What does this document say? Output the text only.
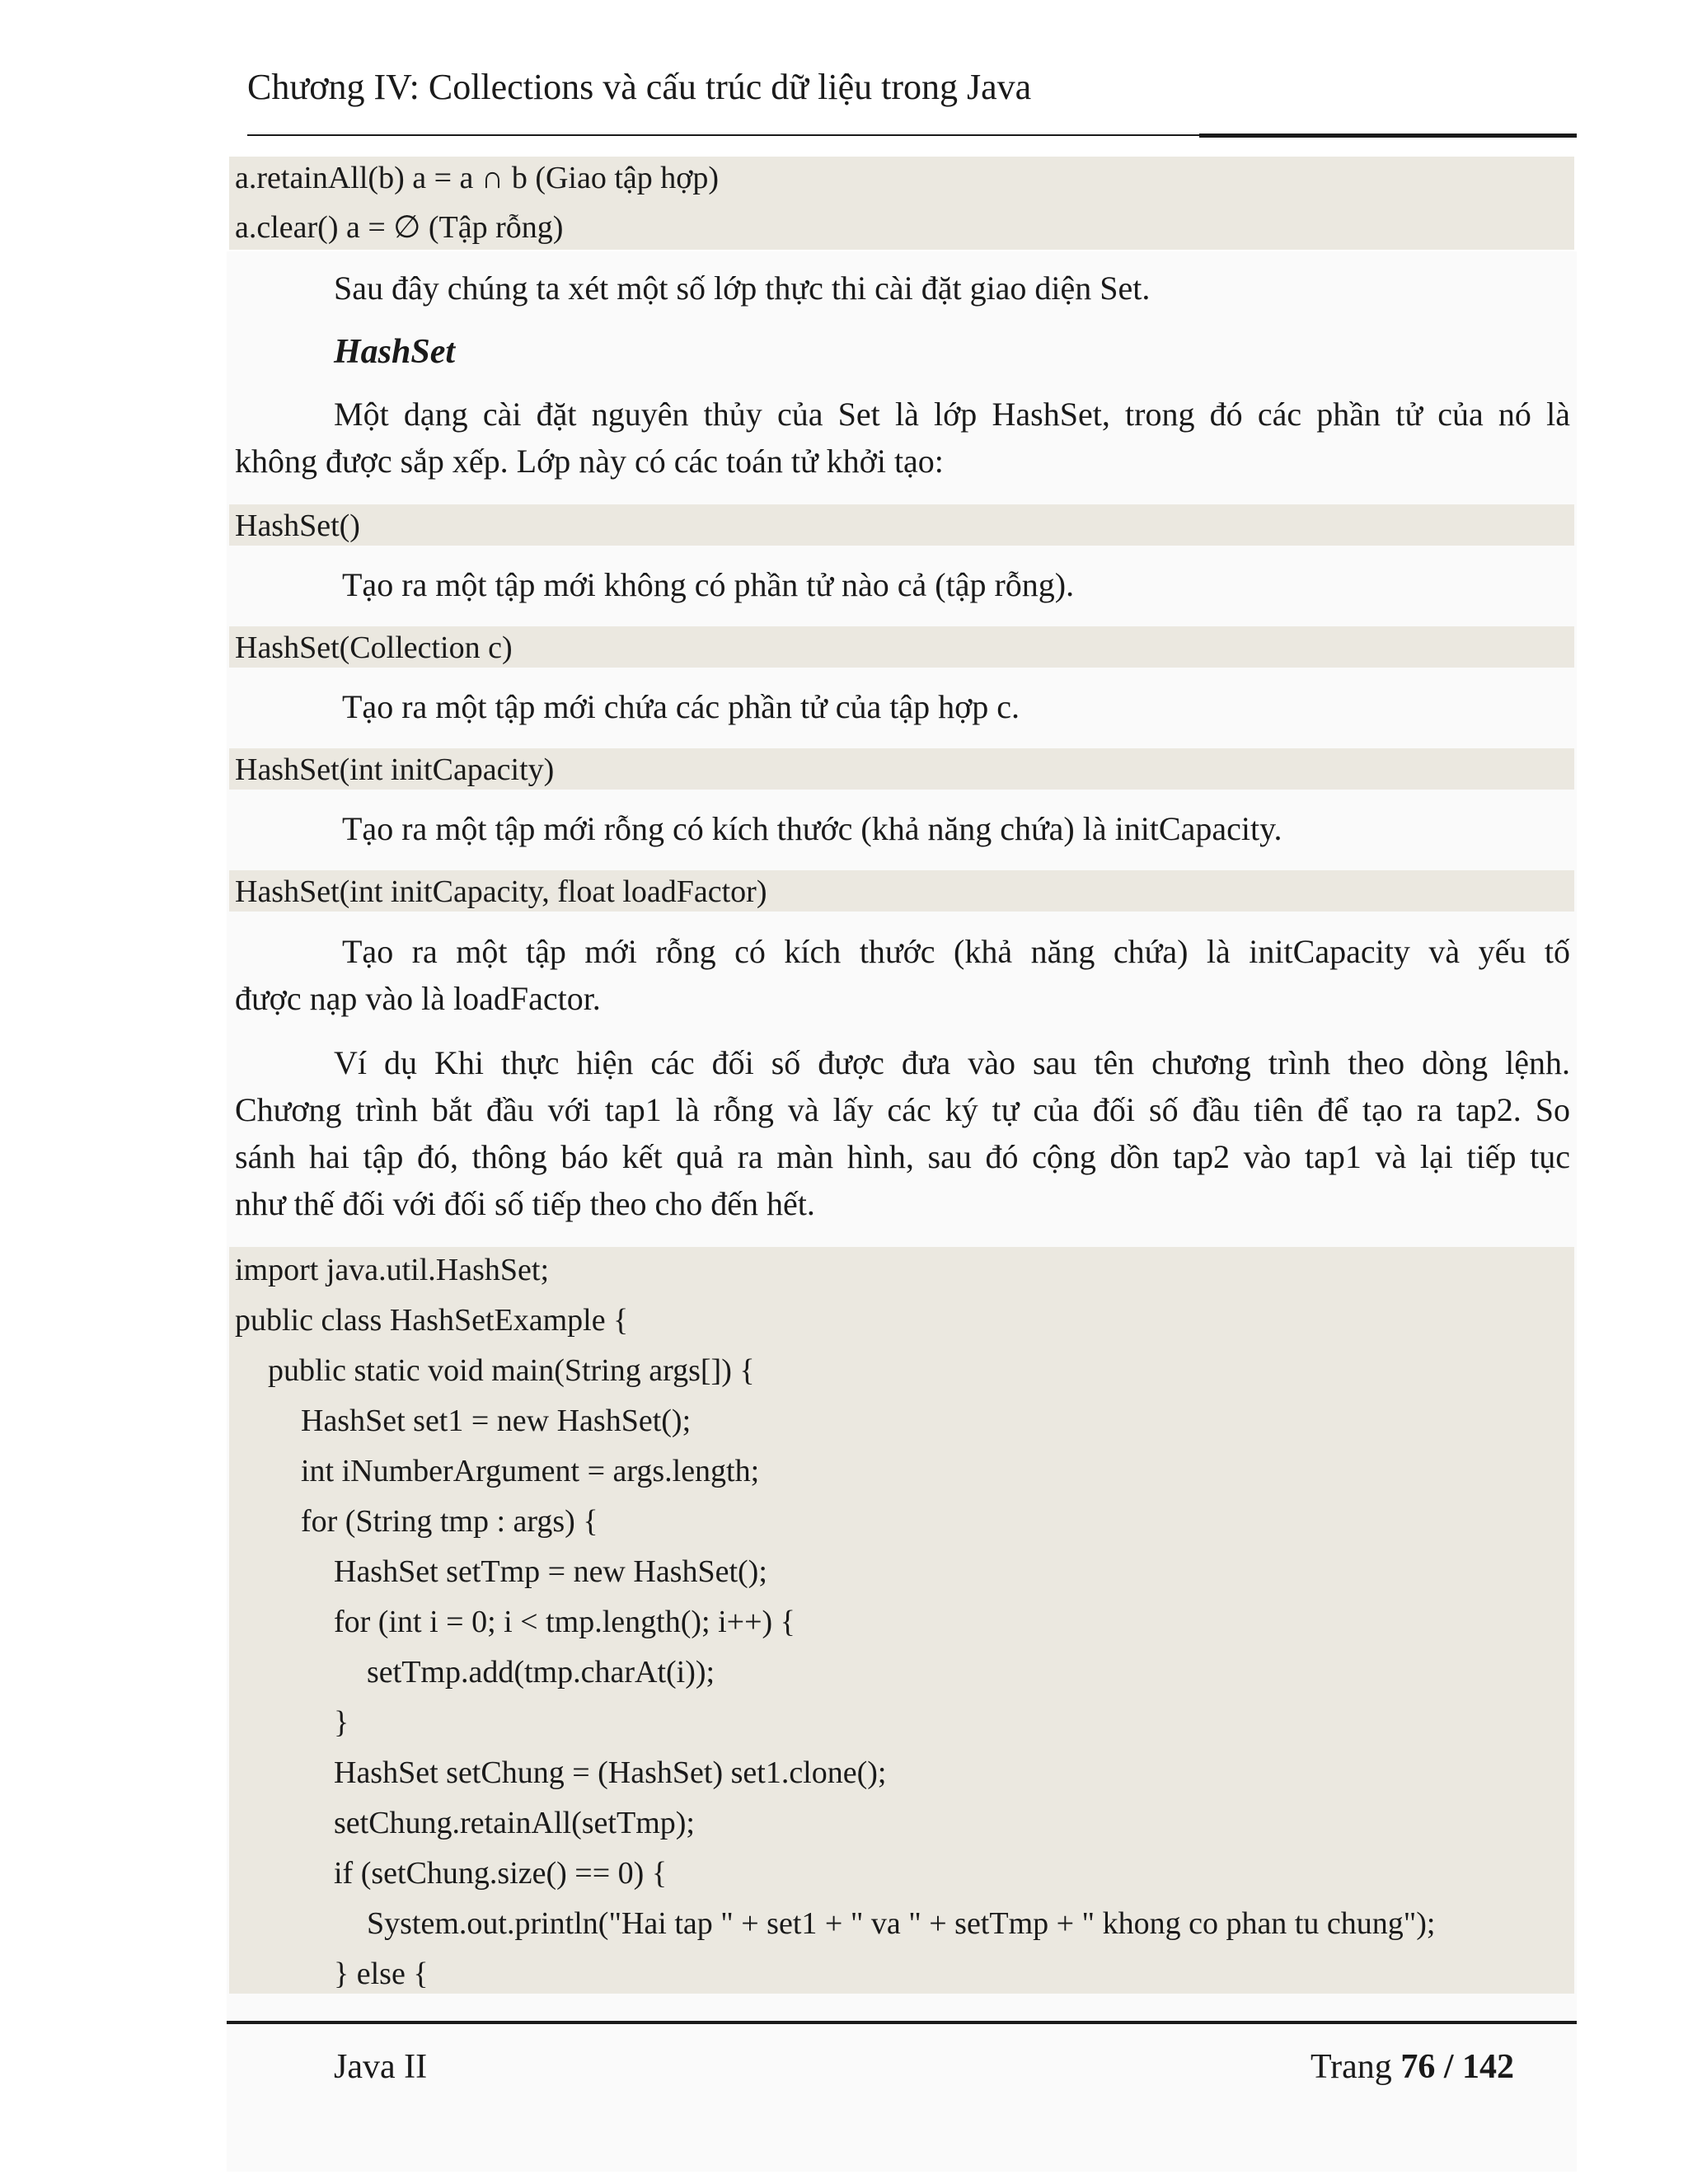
Chương IV: Collections và cấu trúc dữ liệu trong Java
a.retainAll(b) a = a ∩ b (Giao tập hợp)
a.clear() a = ∅ (Tập rỗng)
Sau đây chúng ta xét một số lớp thực thi cài đặt giao diện Set.
HashSet
Một dạng cài đặt nguyên thủy của Set là lớp HashSet, trong đó các phần tử của nó là
không được sắp xếp. Lớp này có các toán tử khởi tạo:
HashSet()
Tạo ra một tập mới không có phần tử nào cả (tập rỗng).
HashSet(Collection c)
Tạo ra một tập mới chứa các phần tử của tập hợp c.
HashSet(int initCapacity)
Tạo ra một tập mới rỗng có kích thước (khả năng chứa) là initCapacity.
HashSet(int initCapacity, float loadFactor)
Tạo ra một tập mới rỗng có kích thước (khả năng chứa) là initCapacity và yếu tố
được nạp vào là loadFactor.
Ví dụ Khi thực hiện các đối số được đưa vào sau tên chương trình theo dòng lệnh.
Chương trình bắt đầu với tap1 là rỗng và lấy các ký tự của đối số đầu tiên để tạo ra tap2. So
sánh hai tập đó, thông báo kết quả ra màn hình, sau đó cộng dồn tap2 vào tap1 và lại tiếp tục
như thế đối với đối số tiếp theo cho đến hết.
import java.util.HashSet;
public class HashSetExample {
public static void main(String args[]) {
HashSet set1 = new HashSet();
int iNumberArgument = args.length;
for (String tmp : args) {
HashSet setTmp = new HashSet();
for (int i = 0; i < tmp.length(); i++) {
setTmp.add(tmp.charAt(i));
}
HashSet setChung = (HashSet) set1.clone();
setChung.retainAll(setTmp);
if (setChung.size() == 0) {
System.out.println("Hai tap " + set1 + " va " + setTmp + " khong co phan tu chung");
} else {
Java II	Trang 76 / 142
